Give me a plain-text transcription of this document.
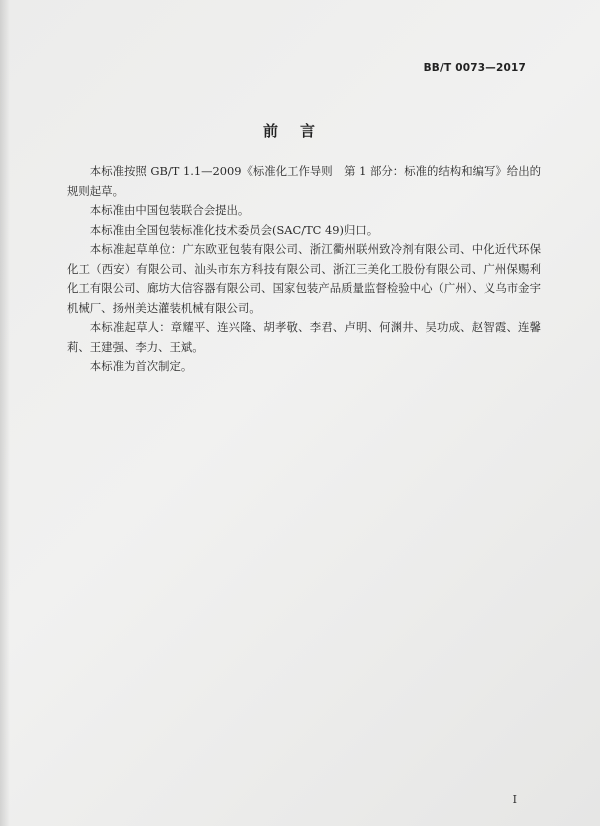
BB/T 0073—2017
前言

本标准按照 GB/T 1.1—2009《标准化工作导则　第 1 部分：标准的结构和编写》给出的规则起草。

本标准由中国包装联合会提出。

本标准由全国包装标准化技术委员会(SAC/TC 49)归口。

本标准起草单位：广东欧亚包装有限公司、浙江衢州联州致冷剂有限公司、中化近代环保化工（西安）有限公司、汕头市东方科技有限公司、浙江三美化工股份有限公司、广州保赐利化工有限公司、廊坊大信容器有限公司、国家包装产品质量监督检验中心（广州）、义乌市金宇机械厂、扬州美达灌装机械有限公司。

本标准起草人：章耀平、连兴隆、胡孝敬、李君、卢明、何渊井、吴功成、赵智霞、连馨莉、王建强、李力、王斌。

本标准为首次制定。

I
